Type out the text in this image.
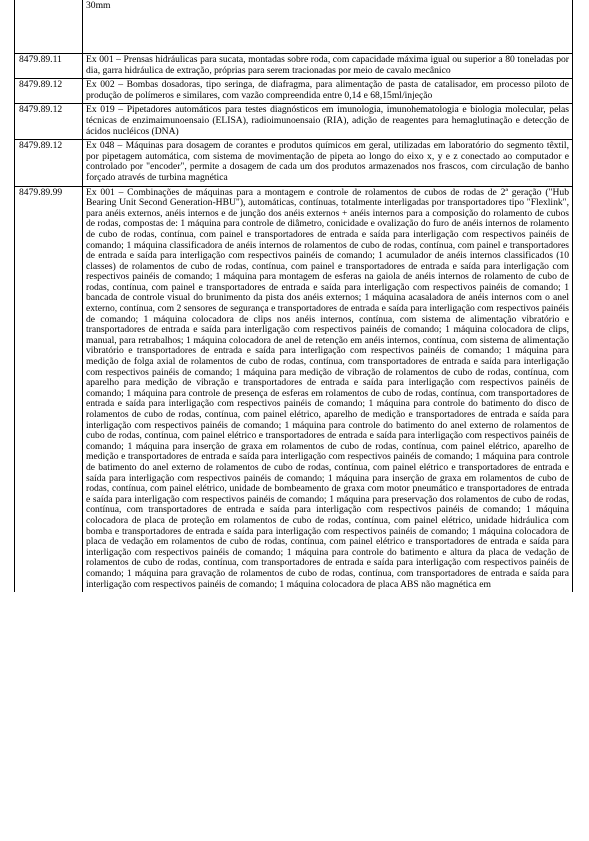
	30mm
8479.89.11	Ex 001 – Prensas hidráulicas para sucata, montadas sobre roda, com capacidade máxima igual ou superior a 80 toneladas por dia, garra hidráulica de extração, próprias para serem tracionadas por meio de cavalo mecânico
8479.89.12	Ex 002 – Bombas dosadoras, tipo seringa, de diafragma, para alimentação de pasta de catalisador, em processo piloto de produção de polímeros e similares, com vazão compreendida entre 0,14 e 68,15ml/injeção
8479.89.12	Ex 019 – Pipetadores automáticos para testes diagnósticos em imunologia, imunohematologia e biologia molecular, pelas técnicas de enzimaimunoensaio (ELISA), radioimunoensaio (RIA), adição de reagentes para hemaglutinação e detecção de ácidos nucléicos (DNA)
8479.89.12	Ex 048 – Máquinas para dosagem de corantes e produtos químicos em geral, utilizadas em laboratório do segmento têxtil, por pipetagem automática, com sistema de movimentação de pipeta ao longo do eixo x, y e z conectado ao computador e controlado por "encoder", permite a dosagem de cada um dos produtos armazenados nos frascos, com circulação de banho forçado através de turbina magnética
8479.89.99	Ex 001 – Combinações de máquinas para a montagem e controle de rolamentos de cubos de rodas de 2ª geração ("Hub Bearing Unit Second Generation-HBU"), automáticas, contínuas, totalmente interligadas por transportadores tipo "Flexlink", para anéis externos, anéis internos e de junção dos anéis externos + anéis internos para a composição do rolamento de cubos de rodas, compostas de: 1 máquina para controle de diâmetro, conicidade e ovalização do furo de anéis internos de rolamento de cubo de rodas, contínua, com painel e transportadores de entrada e saída para interligação com respectivos painéis de comando; 1 máquina classificadora de anéis internos de rolamentos de cubo de rodas, contínua, com painel e transportadores de entrada e saída para interligação com respectivos painéis de comando; 1 acumulador de anéis internos classificados (10 classes) de rolamentos de cubo de rodas, contínua, com painel e transportadores de entrada e saída para interligação com respectivos painéis de comando; 1 máquina para montagem de esferas na gaiola de anéis internos de rolamento de cubo de rodas, contínua, com painel e transportadores de entrada e saída para interligação com respectivos painéis de comando; 1 bancada de controle visual do brunimento da pista dos anéis externos; 1 máquina acasaladora de anéis internos com o anel externo, contínua, com 2 sensores de segurança e transportadores de entrada e saída para interligação com respectivos painéis de comando; 1 máquina colocadora de clips nos anéis internos, contínua, com sistema de alimentação vibratório e transportadores de entrada e saída para interligação com respectivos painéis de comando; 1 máquina colocadora de clips, manual, para retrabalhos; 1 máquina colocadora de anel de retenção em anéis internos, contínua, com sistema de alimentação vibratório e transportadores de entrada e saída para interligação com respectivos painéis de comando; 1 máquina para medição de folga axial de rolamentos de cubo de rodas, contínua, com transportadores de entrada e saída para interligação com respectivos painéis de comando; 1 máquina para medição de vibração de rolamentos de cubo de rodas, contínua, com aparelho para medição de vibração e transportadores de entrada e saída para interligação com respectivos painéis de comando; 1 máquina para controle de presença de esferas em rolamentos de cubo de rodas, contínua, com transportadores de entrada e saída para interligação com respectivos painéis de comando; 1 máquina para controle do batimento do disco de rolamentos de cubo de rodas, contínua, com painel elétrico, aparelho de medição e transportadores de entrada e saída para interligação com respectivos painéis de comando; 1 máquina para controle do batimento do anel externo de rolamentos de cubo de rodas, contínua, com painel elétrico e transportadores de entrada e saída para interligação com respectivos painéis de comando; 1 máquina para inserção de graxa em rolamentos de cubo de rodas, contínua, com painel elétrico, aparelho de medição e transportadores de entrada e saída para interligação com respectivos painéis de comando; 1 máquina para controle de batimento do anel externo de rolamentos de cubo de rodas, contínua, com painel elétrico e transportadores de entrada e saída para interligação com respectivos painéis de comando; 1 máquina para inserção de graxa em rolamentos de cubo de rodas, contínua, com painel elétrico, unidade de bombeamento de graxa com motor pneumático e transportadores de entrada e saída para interligação com respectivos painéis de comando; 1 máquina para preservação dos rolamentos de cubo de rodas, contínua, com transportadores de entrada e saída para interligação com respectivos painéis de comando; 1 máquina colocadora de placa de proteção em rolamentos de cubo de rodas, contínua, com painel elétrico, unidade hidráulica com bomba e transportadores de entrada e saída para interligação com respectivos painéis de comando; 1 máquina colocadora de placa de vedação em rolamentos de cubo de rodas, contínua, com painel elétrico e transportadores de entrada e saída para interligação com respectivos painéis de comando; 1 máquina para controle do batimento e altura da placa de vedação de rolamentos de cubo de rodas, contínua, com transportadores de entrada e saída para interligação com respectivos painéis de comando; 1 máquina para gravação de rolamentos de cubo de rodas, contínua, com transportadores de entrada e saída para interligação com respectivos painéis de comando; 1 máquina colocadora de placa ABS não magnética em
